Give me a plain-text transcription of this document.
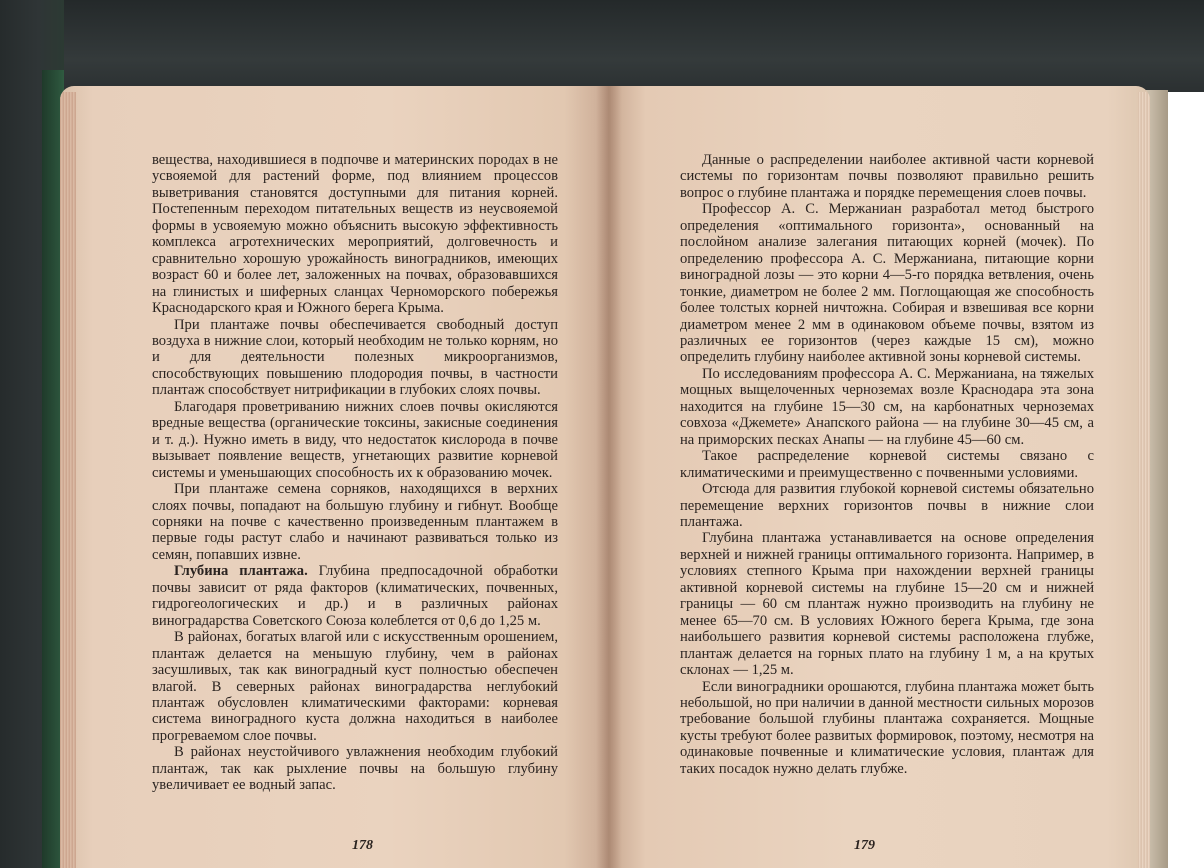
вещества, находившиеся в подпочве и материнских породах в не усвояемой для растений форме, под влиянием процессов выветривания становятся доступными для питания корней. Постепенным переходом питательных веществ из неусвояемой формы в усвояемую можно объяснить высокую эффективность комплекса агротехнических мероприятий, долговечность и сравнительно хорошую урожайность виноградников, имеющих возраст 60 и более лет, заложенных на почвах, образовавшихся на глинистых и шиферных сланцах Черноморского побережья Краснодарского края и Южного берега Крыма.

При плантаже почвы обеспечивается свободный доступ воздуха в нижние слои, который необходим не только корням, но и для деятельности полезных микроорганизмов, способствующих повышению плодородия почвы, в частности плантаж способствует нитрификации в глубоких слоях почвы.

Благодаря проветриванию нижних слоев почвы окисляются вредные вещества (органические токсины, закисные соединения и т. д.). Нужно иметь в виду, что недостаток кислорода в почве вызывает появление веществ, угнетающих развитие корневой системы и уменьшающих способность их к образованию мочек.

При плантаже семена сорняков, находящихся в верхних слоях почвы, попадают на большую глубину и гибнут. Вообще сорняки на почве с качественно произведенным плантажем в первые годы растут слабо и начинают развиваться только из семян, попавших извне.

Глубина плантажа. Глубина предпосадочной обработки почвы зависит от ряда факторов (климатических, почвенных, гидрогеологических и др.) и в различных районах виноградарства Советского Союза колеблется от 0,6 до 1,25 м.

В районах, богатых влагой или с искусственным орошением, плантаж делается на меньшую глубину, чем в районах засушливых, так как виноградный куст полностью обеспечен влагой. В северных районах виноградарства неглубокий плантаж обусловлен климатическими факторами: корневая система виноградного куста должна находиться в наиболее прогреваемом слое почвы.

В районах неустойчивого увлажнения необходим глубокий плантаж, так как рыхление почвы на большую глубину увеличивает ее водный запас.

178

Данные о распределении наиболее активной части корневой системы по горизонтам почвы позволяют правильно решить вопрос о глубине плантажа и порядке перемещения слоев почвы.

Профессор А. С. Мержаниан разработал метод быстрого определения «оптимального горизонта», основанный на послойном анализе залегания питающих корней (мочек). По определению профессора А. С. Мержаниана, питающие корни виноградной лозы — это корни 4—5-го порядка ветвления, очень тонкие, диаметром не более 2 мм. Поглощающая же способность более толстых корней ничтожна. Собирая и взвешивая все корни диаметром менее 2 мм в одинаковом объеме почвы, взятом из различных ее горизонтов (через каждые 15 см), можно определить глубину наиболее активной зоны корневой системы.

По исследованиям профессора А. С. Мержаниана, на тяжелых мощных выщелоченных черноземах возле Краснодара эта зона находится на глубине 15—30 см, на карбонатных черноземах совхоза «Джемете» Анапского района — на глубине 30—45 см, а на приморских песках Анапы — на глубине 45—60 см.

Такое распределение корневой системы связано с климатическими и преимущественно с почвенными условиями.

Отсюда для развития глубокой корневой системы обязательно перемещение верхних горизонтов почвы в нижние слои плантажа.

Глубина плантажа устанавливается на основе определения верхней и нижней границы оптимального горизонта. Например, в условиях степного Крыма при нахождении верхней границы активной корневой системы на глубине 15—20 см и нижней границы — 60 см плантаж нужно производить на глубину не менее 65—70 см. В условиях Южного берега Крыма, где зона наибольшего развития корневой системы расположена глубже, плантаж делается на горных плато на глубину 1 м, а на крутых склонах — 1,25 м.

Если виноградники орошаются, глубина плантажа может быть небольшой, но при наличии в данной местности сильных морозов требование большой глубины плантажа сохраняется. Мощные кусты требуют более развитых формировок, поэтому, несмотря на одинаковые почвенные и климатические условия, плантаж для таких посадок нужно делать глубже.

179
